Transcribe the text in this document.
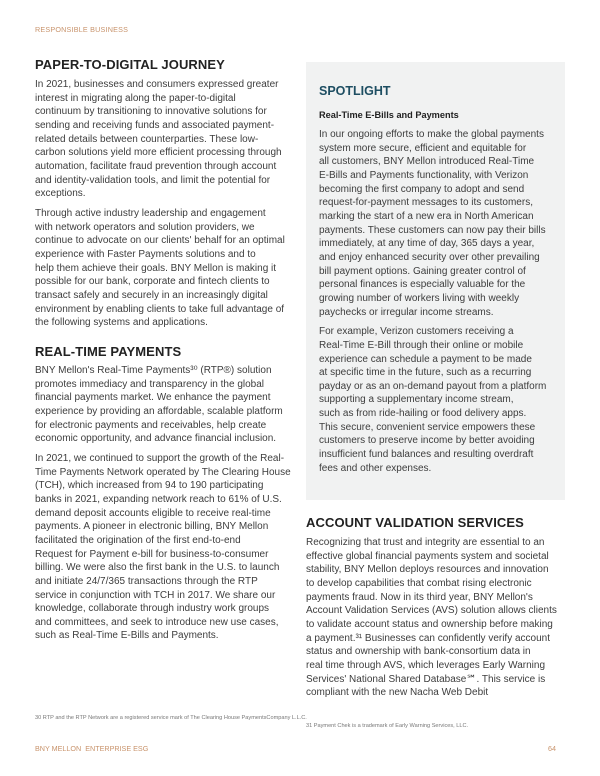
RESPONSIBLE BUSINESS
PAPER-TO-DIGITAL JOURNEY
In 2021, businesses and consumers expressed greater
interest in migrating along the paper-to-digital
continuum by transitioning to innovative solutions for
sending and receiving funds and associated payment-
related details between counterparties. These low-
carbon solutions yield more efficient processing through
automation, facilitate fraud prevention through account
and identity-validation tools, and limit the potential for
exceptions.
Through active industry leadership and engagement
with network operators and solution providers, we
continue to advocate on our clients' behalf for an optimal
experience with Faster Payments solutions and to
help them achieve their goals. BNY Mellon is making it
possible for our bank, corporate and fintech clients to
transact safely and securely in an increasingly digital
environment by enabling clients to take full advantage of
the following systems and applications.
REAL-TIME PAYMENTS
BNY Mellon's Real-Time Payments³⁰ (RTP®) solution
promotes immediacy and transparency in the global
financial payments market. We enhance the payment
experience by providing an affordable, scalable platform
for electronic payments and receivables, help create
economic opportunity, and advance financial inclusion.
In 2021, we continued to support the growth of the Real-
Time Payments Network operated by The Clearing House
(TCH), which increased from 94 to 190 participating
banks in 2021, expanding network reach to 61% of U.S.
demand deposit accounts eligible to receive real-time
payments. A pioneer in electronic billing, BNY Mellon
facilitated the origination of the first end-to-end
Request for Payment e-bill for business-to-consumer
billing. We were also the first bank in the U.S. to launch
and initiate 24/7/365 transactions through the RTP
service in conjunction with TCH in 2017. We share our
knowledge, collaborate through industry work groups
and committees, and seek to introduce new use cases,
such as Real-Time E-Bills and Payments.
30 RTP and the RTP Network are a registered service mark of The Clearing House PaymentsCompany L.L.C.
SPOTLIGHT
Real-Time E-Bills and Payments
In our ongoing efforts to make the global payments
system more secure, efficient and equitable for
all customers, BNY Mellon introduced Real-Time
E-Bills and Payments functionality, with Verizon
becoming the first company to adopt and send
request-for-payment messages to its customers,
marking the start of a new era in North American
payments. These customers can now pay their bills
immediately, at any time of day, 365 days a year,
and enjoy enhanced security over other prevailing
bill payment options. Gaining greater control of
personal finances is especially valuable for the
growing number of workers living with weekly
paychecks or irregular income streams.
For example, Verizon customers receiving a
Real-Time E-Bill through their online or mobile
experience can schedule a payment to be made
at specific time in the future, such as a recurring
payday or as an on-demand payout from a platform
supporting a supplementary income stream,
such as from ride-hailing or food delivery apps.
This secure, convenient service empowers these
customers to preserve income by better avoiding
insufficient fund balances and resulting overdraft
fees and other expenses.
ACCOUNT VALIDATION SERVICES
Recognizing that trust and integrity are essential to an
effective global financial payments system and societal
stability, BNY Mellon deploys resources and innovation
to develop capabilities that combat rising electronic
payments fraud. Now in its third year, BNY Mellon's
Account Validation Services (AVS) solution allows clients
to validate account status and ownership before making
a payment.³¹ Businesses can confidently verify account
status and ownership with bank-consortium data in
real time through AVS, which leverages Early Warning
Services' National Shared Database℠. This service is
compliant with the new Nacha Web Debit
31 Payment Chek is a trademark of Early Warning Services, LLC.
BNY MELLON ENTERPRISE ESG	64
